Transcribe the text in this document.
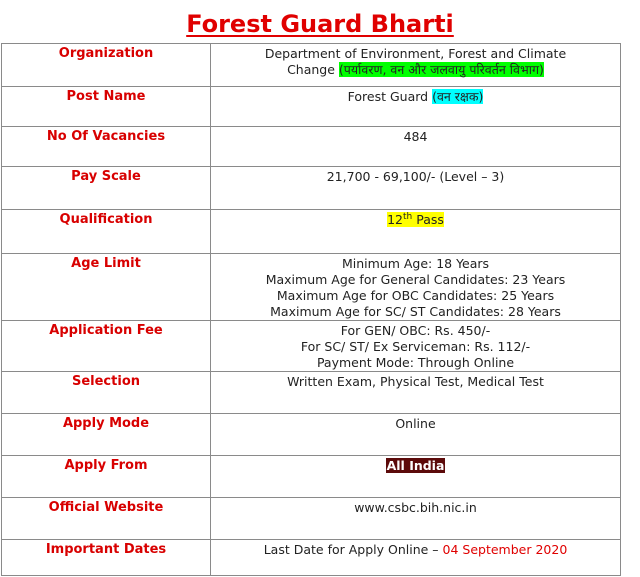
Forest Guard Bharti
Organization	Department of Environment, Forest and Climate
Change (पर्यावरण, वन और जलवायु परिवर्तन विभाग)

Post Name	Forest Guard (वन रक्षक)
No Of Vacancies	484
Pay Scale	21,700 - 69,100/- (Level – 3)
Qualification	12th Pass
Age Limit	Minimum Age: 18 Years
Maximum Age for General Candidates: 23 Years
Maximum Age for OBC Candidates: 25 Years
Maximum Age for SC/ ST Candidates: 28 Years

Application Fee	For GEN/ OBC: Rs. 450/-
For SC/ ST/ Ex Serviceman: Rs. 112/-
Payment Mode: Through Online

Selection	Written Exam, Physical Test, Medical Test
Apply Mode	Online
Apply From	All India
Official Website	www.csbc.bih.nic.in
Important Dates	Last Date for Apply Online – 04 September 2020
